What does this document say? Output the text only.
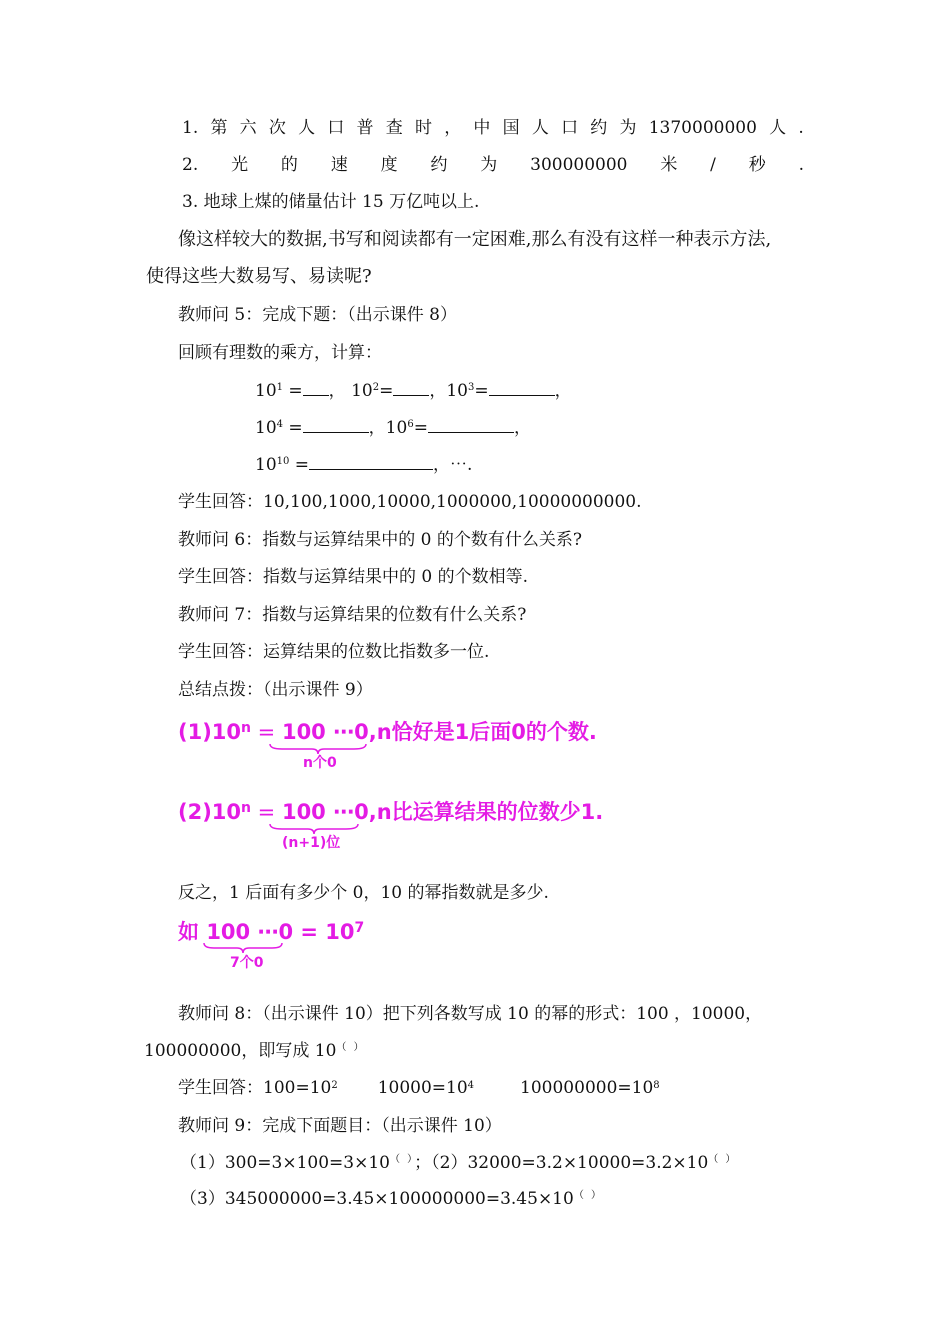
1. 第 六 次 人 口 普 查 时 ， 中 国 人 口 约 为 1370000000 人 .
2. 光 的 速 度 约 为 300000000 米 / 秒 .
3. 地球上煤的储量估计 15 万亿吨以上.
像这样较大的数据,书写和阅读都有一定困难,那么有没有这样一种表示方法,
使得这些大数易写、易读呢?
教师问 5：完成下题：（出示课件 8）
回顾有理数的乘方，计算：
$10^1$ = ， $10^2=$ ，$10^3=$	，
$10^4$ =	，$10^6=$	，
$10^{10}$ =	，⋯.
学生回答：10,100,1000,10000,1000000,10000000000.
教师问 6：指数与运算结果中的 0 的个数有什么关系?
学生回答：指数与运算结果中的 0 的个数相等.
教师问 7：指数与运算结果的位数有什么关系?
学生回答：运算结果的位数比指数多一位.
总结点拨：（出示课件 9）
$(1)10^n = 100$ ⋯0,n恰好是1后面0的个数.
n个0
$(2)10^n = 100$ ⋯0,n比运算结果的位数少1.
(n+1)位
反之，1 后面有多少个 0，10 的幂指数就是多少.
如 100 ⋯0 = $10^7$
7个0
教师问 8：（出示课件 10）把下列各数写成 10 的幂的形式：100 ，10000，
100000000，即写成 10（ ）
学生回答：$100=10^2$ $10000=10^4$	$100000000=10^8$
教师问 9：完成下面题目：（出示课件 10）
（1）300=3×100=3×10（ ）；（2）32000=3.2×10000=3.2×10（ ）
（3）345000000=3.45×100000000=3.45×10（ ）
